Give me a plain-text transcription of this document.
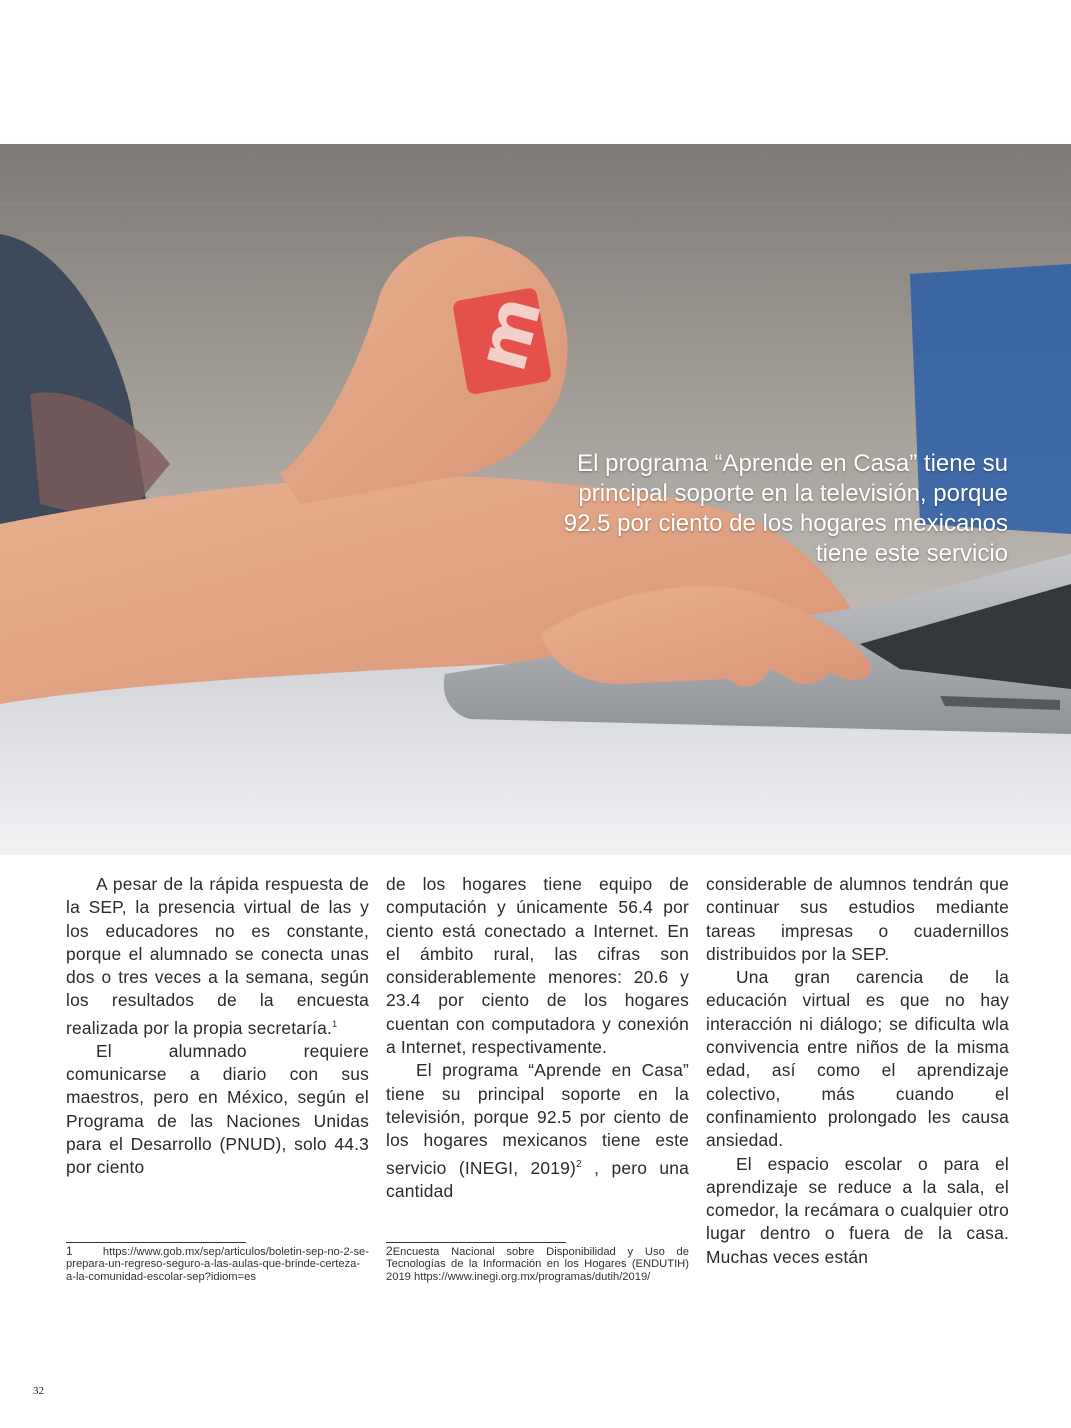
m
El programa “Aprende en Casa” tiene su principal soporte en la televisión, porque 92.5 por ciento de los hogares mexicanos tiene este servicio

A pesar de la rápida respuesta de la SEP, la presencia virtual de las y los educadores no es constante, porque el alumnado se conecta unas dos o tres veces a la semana, según los resultados de la encuesta realizada por la propia secretaría.$^1$

El alumnado requiere comunicarse a diario con sus maestros, pero en México, según el Programa de las Naciones Unidas para el Desarrollo (PNUD), solo 44.3 por ciento

de los hogares tiene equipo de computación y únicamente 56.4 por ciento está conectado a Internet. En el ámbito rural, las cifras son considerablemente menores: 20.6 y 23.4 por ciento de los hogares cuentan con computadora y conexión a Internet, respectivamente.

El programa “Aprende en Casa” tiene su principal soporte en la televisión, porque 92.5 por ciento de los hogares mexicanos tiene este servicio (INEGI, 2019)$^2$ , pero una cantidad

considerable de alumnos tendrán que continuar sus estudios mediante tareas impresas o cuadernillos distribuidos por la SEP.

Una gran carencia de la educación virtual es que no hay interacción ni diálogo; se dificulta wla convivencia entre niños de la misma edad, así como el aprendizaje colectivo, más cuando el confinamiento prolongado les causa ansiedad.

El espacio escolar o para el aprendizaje se reduce a la sala, el comedor, la recámara o cualquier otro lugar dentro o fuera de la casa. Muchas veces están

1 https://www.gob.mx/sep/articulos/boletin-sep-no-2-se-prepara-un-regreso-seguro-a-las-aulas-que-brinde-certeza-a-la-comunidad-escolar-sep?idiom=es
2Encuesta Nacional sobre Disponibilidad y Uso de Tecnologías de la Información en los Hogares (ENDUTIH) 2019 https://www.inegi.org.mx/programas/dutih/2019/
32
